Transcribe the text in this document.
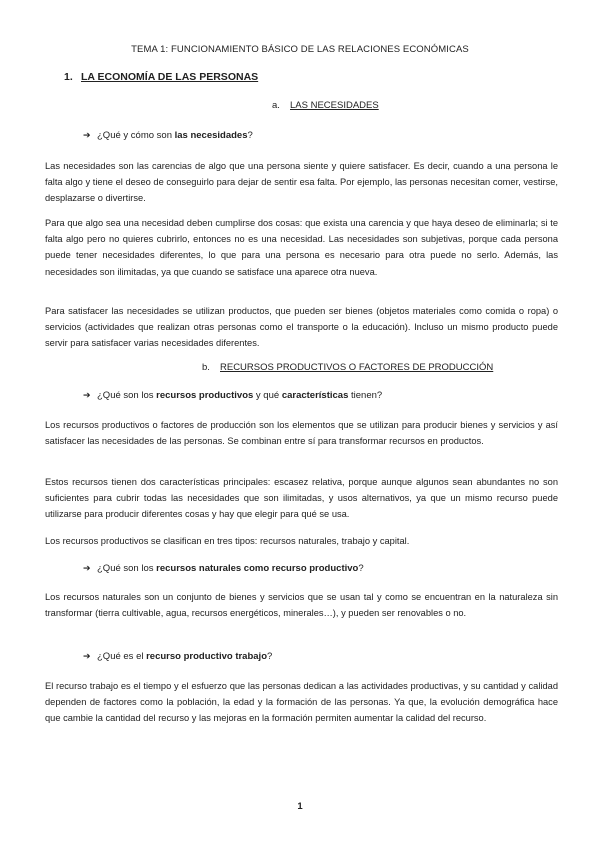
TEMA 1: FUNCIONAMIENTO BÁSICO DE LAS RELACIONES ECONÓMICAS
1. LA ECONOMÍA DE LAS PERSONAS
a. LAS NECESIDADES
➔ ¿Qué y cómo son las necesidades?

Las necesidades son las carencias de algo que una persona siente y quiere satisfacer. Es decir, cuando a una persona le falta algo y tiene el deseo de conseguirlo para dejar de sentir esa falta. Por ejemplo, las personas necesitan comer, vestirse, desplazarse o divertirse.

Para que algo sea una necesidad deben cumplirse dos cosas: que exista una carencia y que haya deseo de eliminarla; si te falta algo pero no quieres cubrirlo, entonces no es una necesidad. Las necesidades son subjetivas, porque cada persona puede tener necesidades diferentes, lo que para una persona es necesario para otra puede no serlo. Además, las necesidades son ilimitadas, ya que cuando se satisface una aparece otra nueva.

Para satisfacer las necesidades se utilizan productos, que pueden ser bienes (objetos materiales como comida o ropa) o servicios (actividades que realizan otras personas como el transporte o la educación). Incluso un mismo producto puede servir para satisfacer varias necesidades diferentes.

b. RECURSOS PRODUCTIVOS O FACTORES DE PRODUCCIÓN
➔ ¿Qué son los recursos productivos y qué características tienen?

Los recursos productivos o factores de producción son los elementos que se utilizan para producir bienes y servicios y así satisfacer las necesidades de las personas. Se combinan entre sí para transformar recursos en productos.

Estos recursos tienen dos características principales: escasez relativa, porque aunque algunos sean abundantes no son suficientes para cubrir todas las necesidades que son ilimitadas, y usos alternativos, ya que un mismo recurso puede utilizarse para producir diferentes cosas y hay que elegir para qué se usa.

Los recursos productivos se clasifican en tres tipos: recursos naturales, trabajo y capital.

➔ ¿Qué son los recursos naturales como recurso productivo?

Los recursos naturales son un conjunto de bienes y servicios que se usan tal y como se encuentran en la naturaleza sin transformar (tierra cultivable, agua, recursos energéticos, minerales…), y pueden ser renovables o no.

➔ ¿Qué es el recurso productivo trabajo?

El recurso trabajo es el tiempo y el esfuerzo que las personas dedican a las actividades productivas, y su cantidad y calidad dependen de factores como la población, la edad y la formación de las personas. Ya que, la evolución demográfica hace que cambie la cantidad del recurso y las mejoras en la formación permiten aumentar la calidad del recurso.

1
